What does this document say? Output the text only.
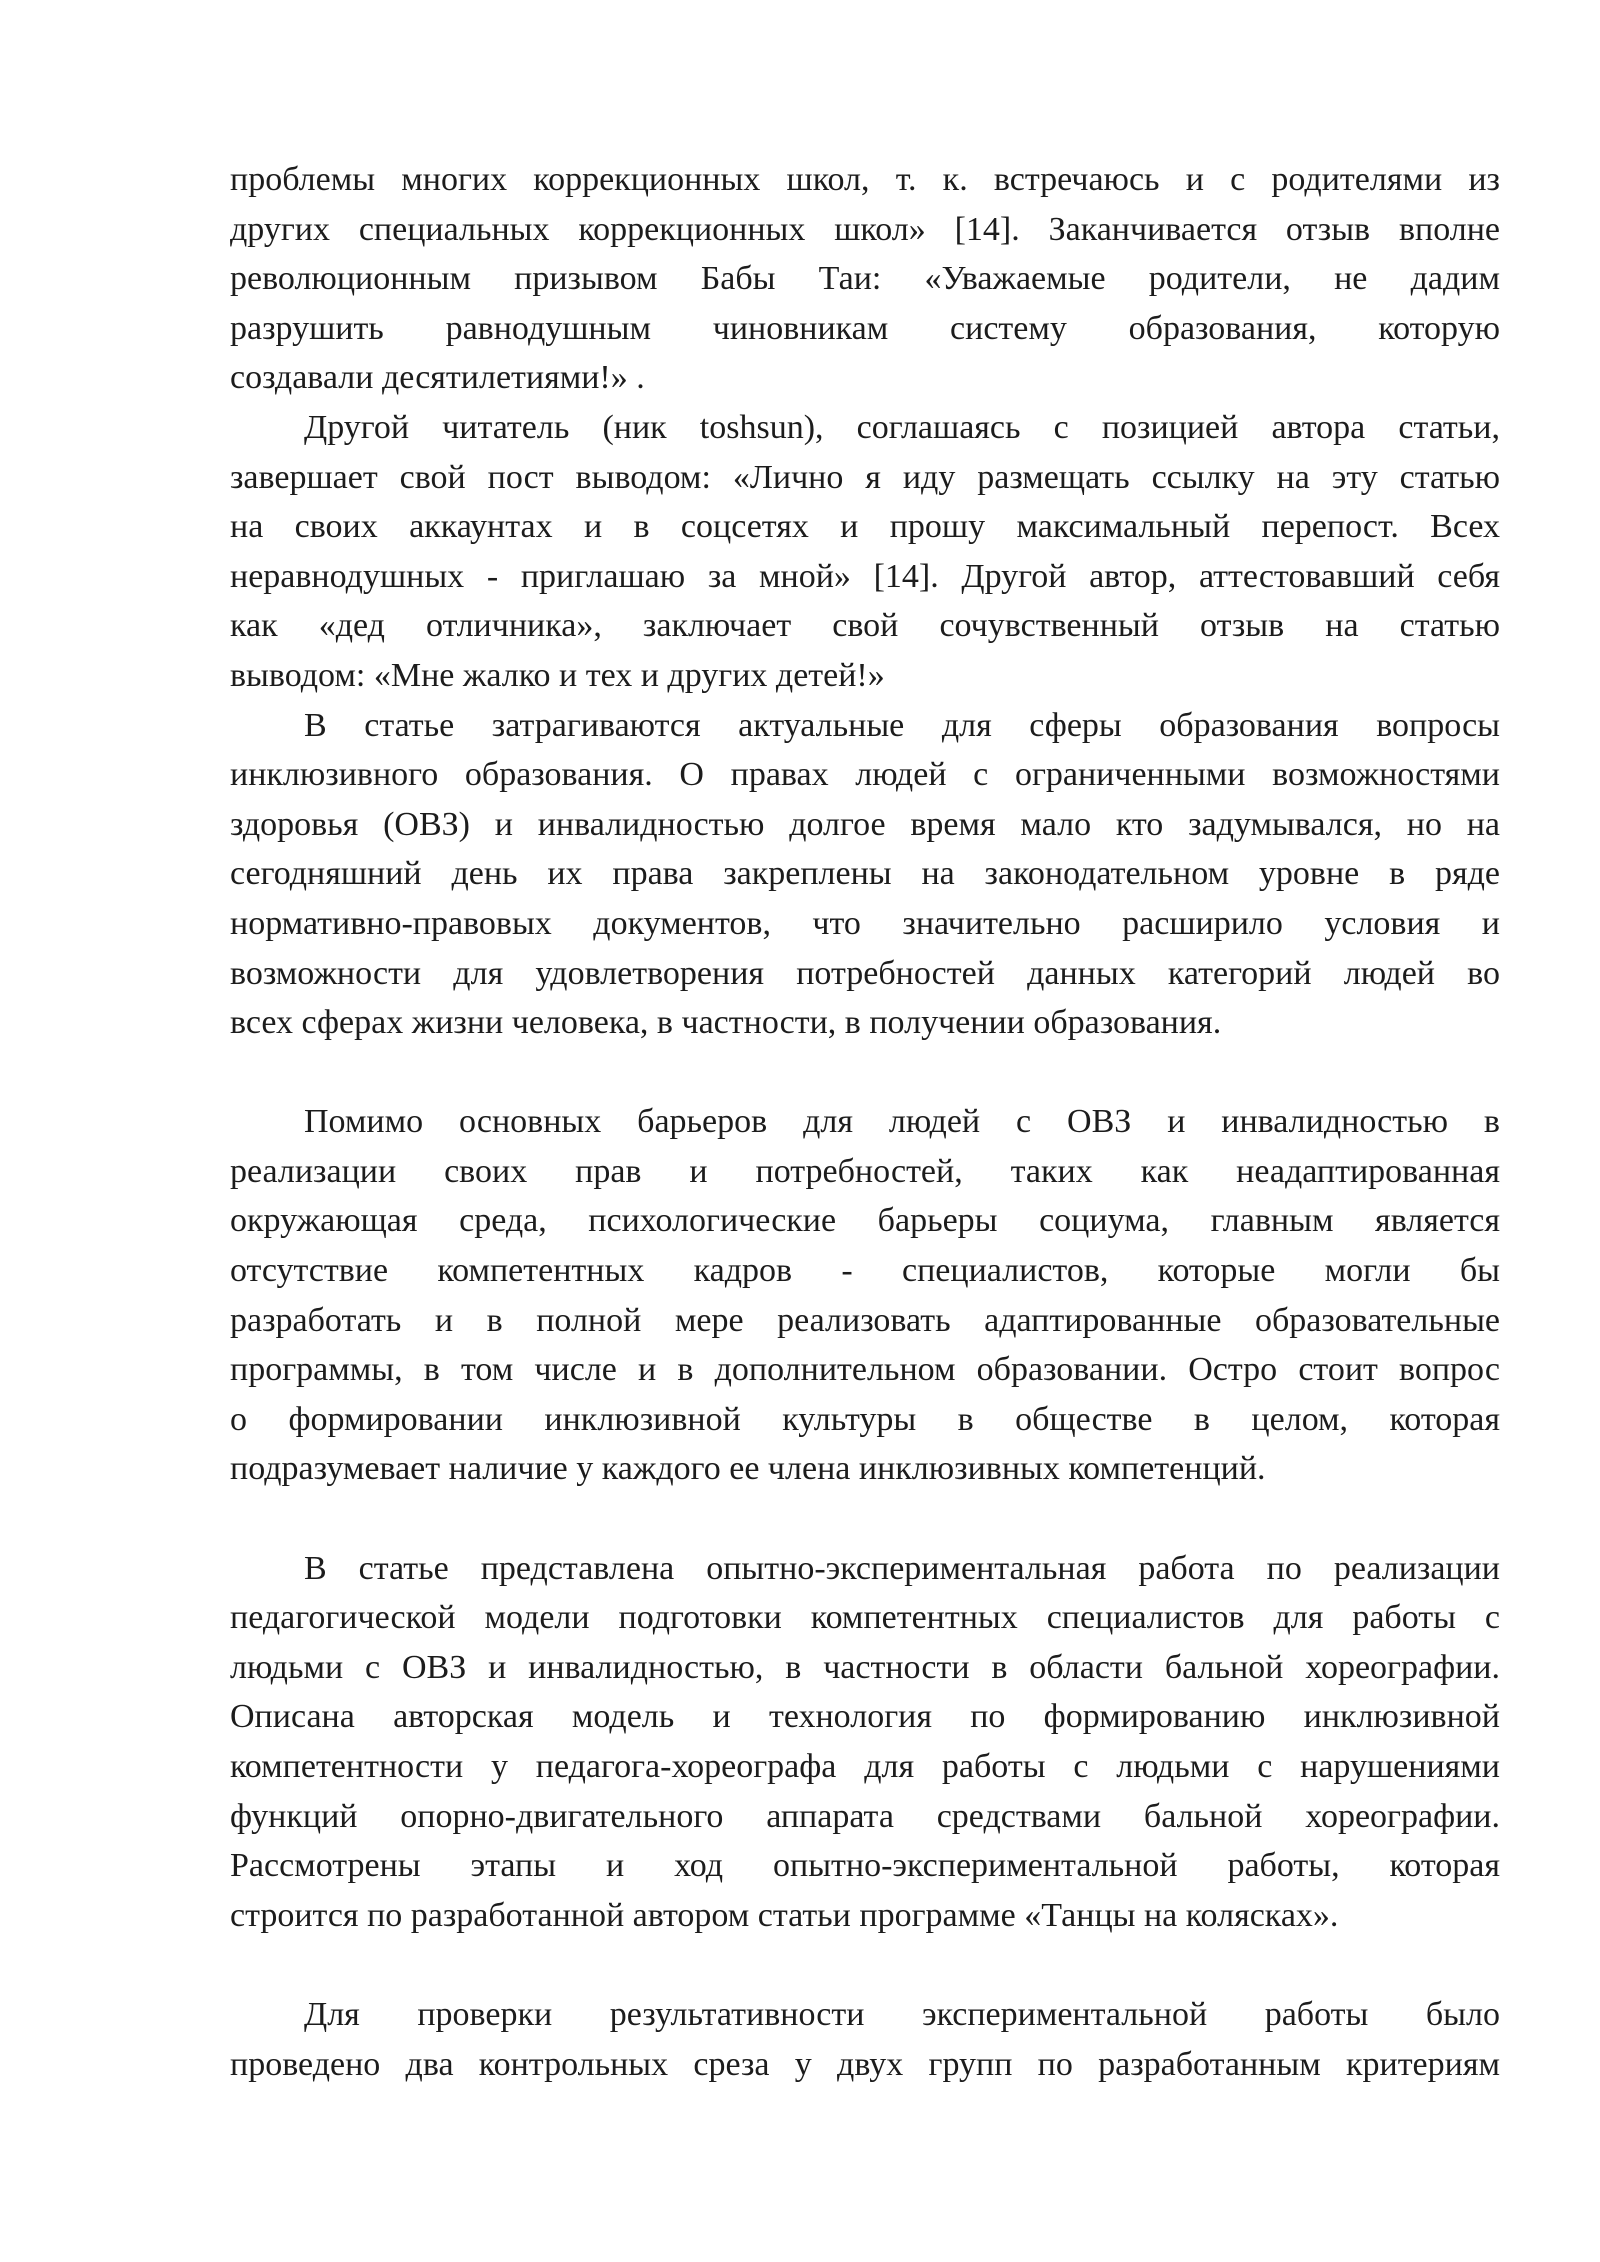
проблемы многих коррекционных школ, т. к. встречаюсь и с родителями из
других специальных коррекционных школ» [14]. Заканчивается отзыв вполне
революционным призывом Бабы Таи: «Уважаемые родители, не дадим
разрушить равнодушным чиновникам систему образования, которую
создавали десятилетиями!» .

Другой читатель (ник toshsun), соглашаясь с позицией автора статьи,
завершает свой пост выводом: «Лично я иду размещать ссылку на эту статью
на своих аккаунтах и в соцсетях и прошу максимальный перепост. Всех
неравнодушных - приглашаю за мной» [14]. Другой автор, аттестовавший себя
как «дед отличника», заключает свой сочувственный отзыв на статью
выводом: «Мне жалко и тех и других детей!»

В статье затрагиваются актуальные для сферы образования вопросы
инклюзивного образования. О правах людей с ограниченными возможностями
здоровья (ОВЗ) и инвалидностью долгое время мало кто задумывался, но на
сегодняшний день их права закреплены на законодательном уровне в ряде
нормативно-правовых документов, что значительно расширило условия и
возможности для удовлетворения потребностей данных категорий людей во
всех сферах жизни человека, в частности, в получении образования.

Помимо основных барьеров для людей с ОВЗ и инвалидностью в
реализации своих прав и потребностей, таких как неадаптированная
окружающая среда, психологические барьеры социума, главным является
отсутствие компетентных кадров - специалистов, которые могли бы
разработать и в полной мере реализовать адаптированные образовательные
программы, в том числе и в дополнительном образовании. Остро стоит вопрос
о формировании инклюзивной культуры в обществе в целом, которая
подразумевает наличие у каждого ее члена инклюзивных компетенций.

В статье представлена опытно-экспериментальная работа по реализации
педагогической модели подготовки компетентных специалистов для работы с
людьми с ОВЗ и инвалидностью, в частности в области бальной хореографии.
Описана авторская модель и технология по формированию инклюзивной
компетентности у педагога-хореографа для работы с людьми с нарушениями
функций опорно-двигательного аппарата средствами бальной хореографии.
Рассмотрены этапы и ход опытно-экспериментальной работы, которая
строится по разработанной автором статьи программе «Танцы на колясках».

Для проверки результативности экспериментальной работы было
проведено два контрольных среза у двух групп по разработанным критериям
